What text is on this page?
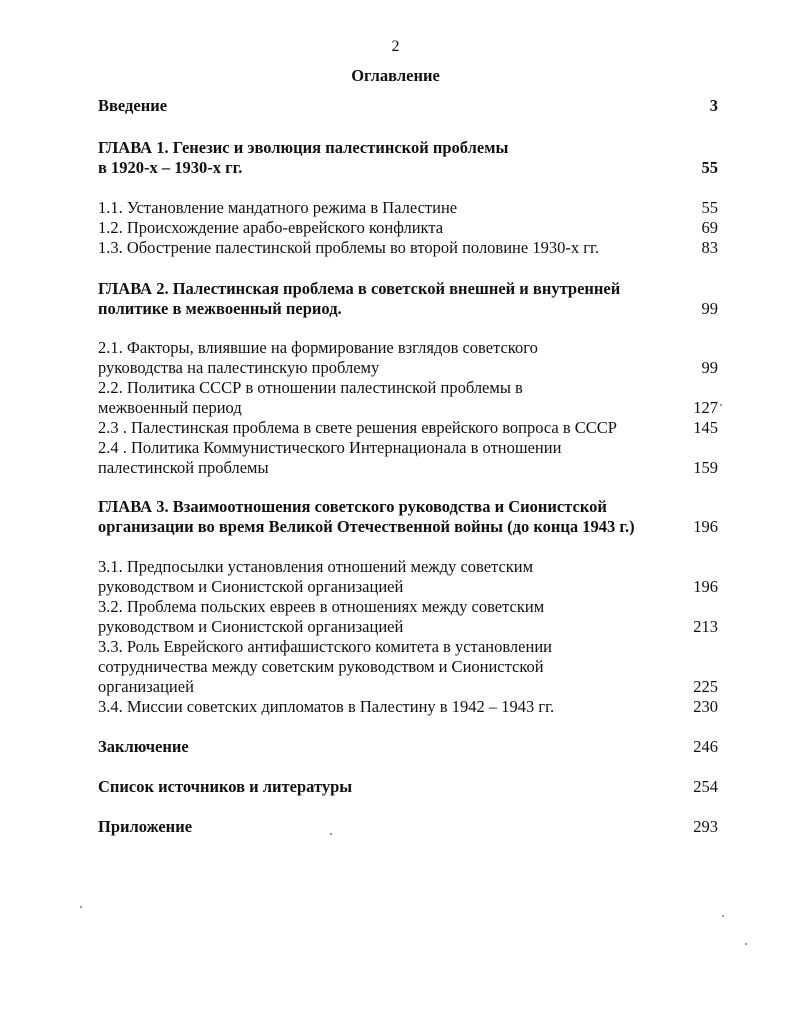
2
Оглавление
Введение	3
ГЛАВА 1. Генезис и эволюция палестинской проблемы
в 1920-х – 1930-х гг.	55
1.1. Установление мандатного режима в Палестине	55
1.2. Происхождение арабо-еврейского конфликта	69
1.3. Обострение палестинской проблемы во второй половине 1930-х гг.	83
ГЛАВА 2. Палестинская проблема в советской внешней и внутренней
политике в межвоенный период.	99
2.1. Факторы, влиявшие на формирование взглядов советского
руководства на палестинскую проблему	99
2.2. Политика СССР в отношении палестинской проблемы в
межвоенный период	127
2.3 . Палестинская проблема в свете решения еврейского вопроса в СССР	145
2.4 . Политика Коммунистического Интернационала в отношении
палестинской проблемы	159
ГЛАВА 3. Взаимоотношения советского руководства и Сионистской
организации во время Великой Отечественной войны (до конца 1943 г.)	196
3.1. Предпосылки установления отношений между советским
руководством и Сионистской организацией	196
3.2. Проблема польских евреев в отношениях между советским
руководством и Сионистской организацией	213
3.3. Роль Еврейского антифашистского комитета в установлении
сотрудничества между советским руководством и Сионистской
организацией	225
3.4. Миссии советских дипломатов в Палестину в 1942 – 1943 гг.	230
Заключение	246
Список источников и литературы	254
Приложение	293
